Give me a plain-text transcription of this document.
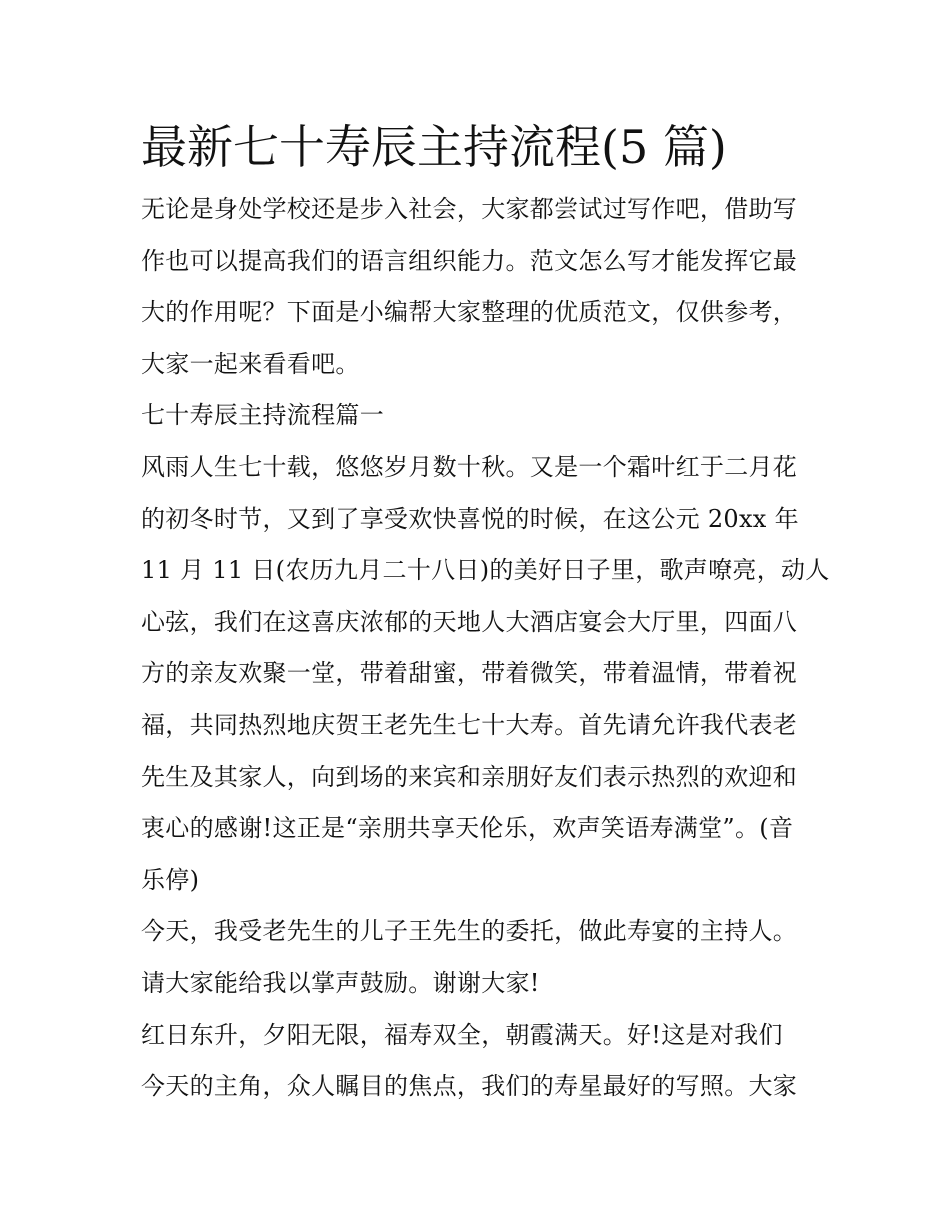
最新七十寿辰主持流程(5 篇)
无论是身处学校还是步入社会，大家都尝试过写作吧，借助写
作也可以提高我们的语言组织能力。范文怎么写才能发挥它最
大的作用呢？下面是小编帮大家整理的优质范文，仅供参考，
大家一起来看看吧。
七十寿辰主持流程篇一
风雨人生七十载，悠悠岁月数十秋。又是一个霜叶红于二月花
的初冬时节，又到了享受欢快喜悦的时候，在这公元 20xx 年
11 月 11 日(农历九月二十八日)的美好日子里，歌声嘹亮，动人
心弦，我们在这喜庆浓郁的天地人大酒店宴会大厅里，四面八
方的亲友欢聚一堂，带着甜蜜，带着微笑，带着温情，带着祝
福，共同热烈地庆贺王老先生七十大寿。首先请允许我代表老
先生及其家人，向到场的来宾和亲朋好友们表示热烈的欢迎和
衷心的感谢!这正是“亲朋共享天伦乐，欢声笑语寿满堂”。(音
乐停)
今天，我受老先生的儿子王先生的委托，做此寿宴的主持人。
请大家能给我以掌声鼓励。谢谢大家!
红日东升，夕阳无限，福寿双全，朝霞满天。好!这是对我们
今天的主角，众人瞩目的焦点，我们的寿星最好的写照。大家
